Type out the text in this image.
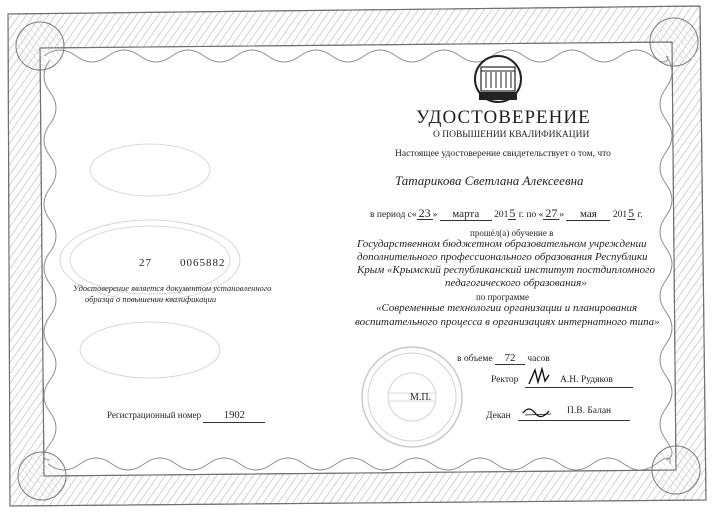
УДОСТОВЕРЕНИЕ
О ПОВЫШЕНИИ КВАЛИФИКАЦИИ
Настоящее удостоверение свидетельствует о том, что
Татарикова Светлана Алексеевна
в период с« 23 » марта 2015 г. по « 27 » мая 2015 г.
прошёл(а) обучение в
Государственном бюджетном образовательном учреждении
дополнительного профессионального образования Республики
Крым «Крымский республиканский институт постдипломного
педагогического образования»
по программе
«Современные технологии организации и планирования
воспитательного процесса в организациях интернатного типа»
в объеме 72 часов
Ректор	А.Н. Рудяков
М.П.
Декан	П.В. Балан
27	0065882
Удостоверение является документом установленного
образца о повышении квалификации
Регистрационный номер 1902
